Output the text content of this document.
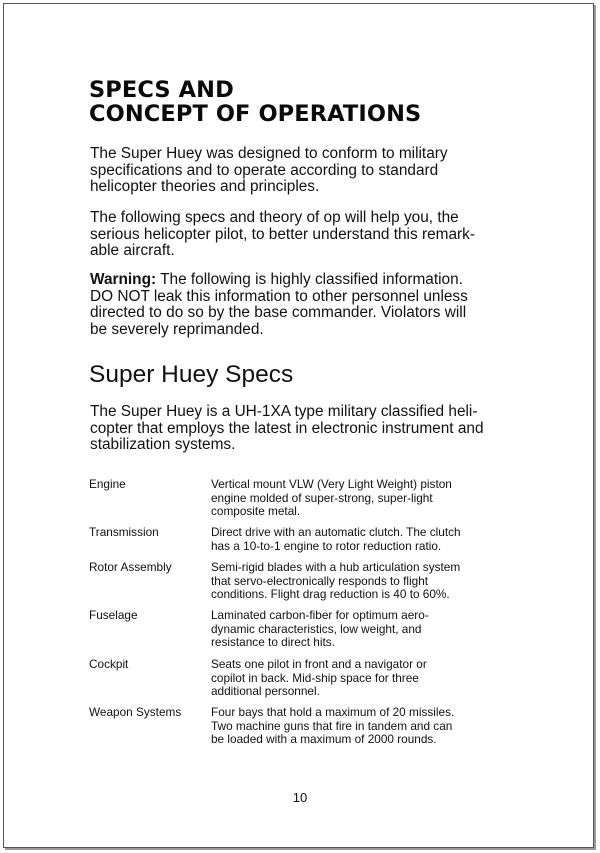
SPECS AND
CONCEPT OF OPERATIONS

The Super Huey was designed to conform to military
specifications and to operate according to standard
helicopter theories and principles.

The following specs and theory of op will help you, the
serious helicopter pilot, to better understand this remark-
able aircraft.

Warning: The following is highly classified information.
DO NOT leak this information to other personnel unless
directed to do so by the base commander. Violators will
be severely reprimanded.

Super Huey Specs

The Super Huey is a UH-1XA type military classified heli-
copter that employs the latest in electronic instrument and
stabilization systems.

Engine	Vertical mount VLW (Very Light Weight) piston
engine molded of super-strong, super-light
composite metal.
Transmission	Direct drive with an automatic clutch. The clutch
has a 10-to-1 engine to rotor reduction ratio.
Rotor Assembly	Semi-rigid blades with a hub articulation system
that servo-electronically responds to flight
conditions. Flight drag reduction is 40 to 60%.
Fuselage	Laminated carbon-fiber for optimum aero-
dynamic characteristics, low weight, and
resistance to direct hits.
Cockpit	Seats one pilot in front and a navigator or
copilot in back. Mid-ship space for three
additional personnel.
Weapon Systems	Four bays that hold a maximum of 20 missiles.
Two machine guns that fire in tandem and can
be loaded with a maximum of 2000 rounds.
10
